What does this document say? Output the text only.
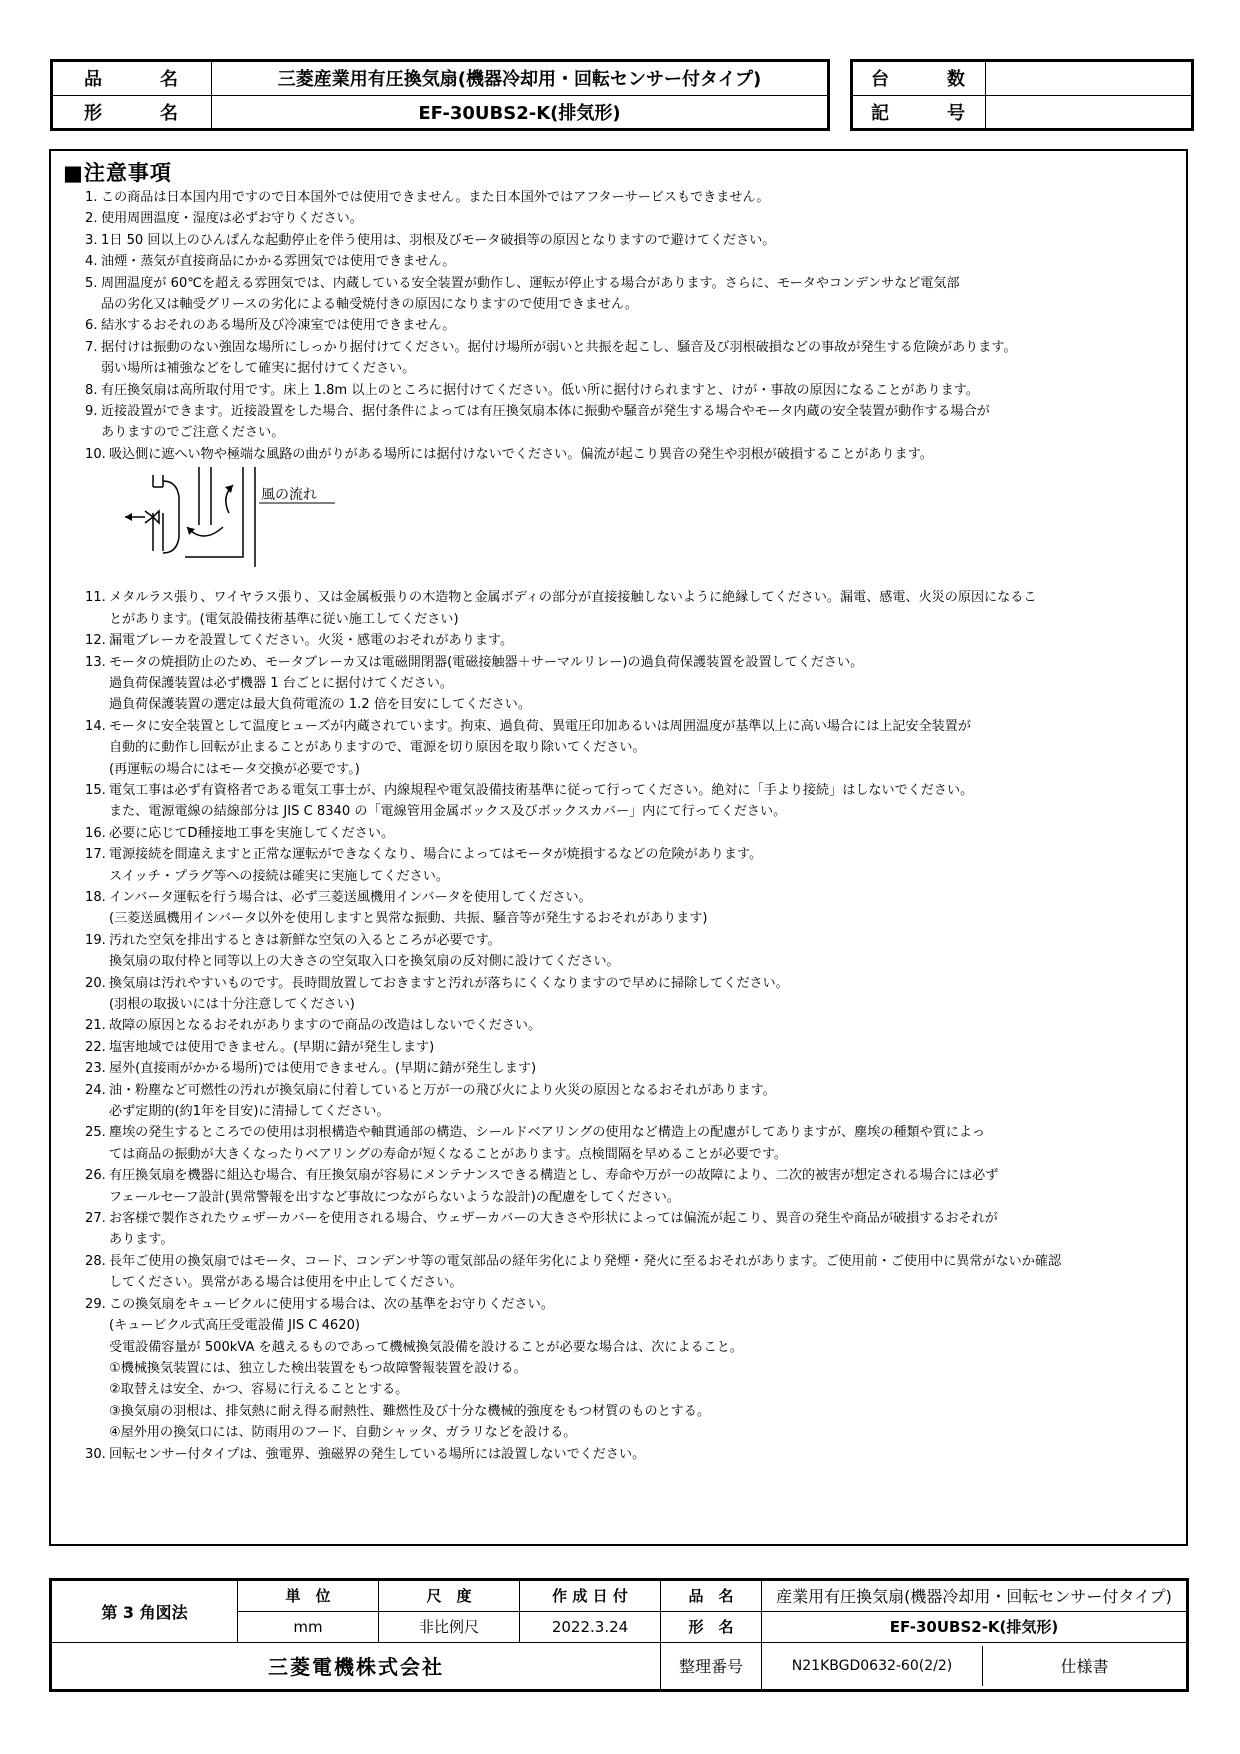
品　名	三菱産業用有圧換気扇(機器冷却用・回転センサー付タイプ)
形　名	EF-30UBS2-K(排気形)
台　数	
記　号	
■注意事項
1. この商品は日本国内用ですので日本国外では使用できません。また日本国外ではアフターサービスもできません。
2. 使用周囲温度・湿度は必ずお守りください。
3. 1日 50 回以上のひんぱんな起動停止を伴う使用は、羽根及びモータ破損等の原因となりますので避けてください。
4. 油煙・蒸気が直接商品にかかる雰囲気では使用できません。
5. 周囲温度が 60℃を超える雰囲気では、内蔵している安全装置が動作し、運転が停止する場合があります。さらに、モータやコンデンサなど電気部
品の劣化又は軸受グリースの劣化による軸受焼付きの原因になりますので使用できません。
6. 結氷するおそれのある場所及び冷凍室では使用できません。
7. 据付けは振動のない強固な場所にしっかり据付けてください。据付け場所が弱いと共振を起こし、騒音及び羽根破損などの事故が発生する危険があります。
弱い場所は補強などをして確実に据付けてください。
8. 有圧換気扇は高所取付用です。床上 1.8m 以上のところに据付けてください。低い所に据付けられますと、けが・事故の原因になることがあります。
9. 近接設置ができます。近接設置をした場合、据付条件によっては有圧換気扇本体に振動や騒音が発生する場合やモータ内蔵の安全装置が動作する場合が
ありますのでご注意ください。
10. 吸込側に遮へい物や極端な風路の曲がりがある場所には据付けないでください。偏流が起こり異音の発生や羽根が破損することがあります。
風の流れ
11. メタルラス張り、ワイヤラス張り、又は金属板張りの木造物と金属ボディの部分が直接接触しないように絶縁してください。漏電、感電、火災の原因になるこ
とがあります。(電気設備技術基準に従い施工してください)
12. 漏電ブレーカを設置してください。火災・感電のおそれがあります。
13. モータの焼損防止のため、モータブレーカ又は電磁開閉器(電磁接触器＋サーマルリレー)の過負荷保護装置を設置してください。
過負荷保護装置は必ず機器 1 台ごとに据付けてください。
過負荷保護装置の選定は最大負荷電流の 1.2 倍を目安にしてください。
14. モータに安全装置として温度ヒューズが内蔵されています。拘束、過負荷、異電圧印加あるいは周囲温度が基準以上に高い場合には上記安全装置が
自動的に動作し回転が止まることがありますので、電源を切り原因を取り除いてください。
(再運転の場合にはモータ交換が必要です。)
15. 電気工事は必ず有資格者である電気工事士が、内線規程や電気設備技術基準に従って行ってください。絶対に「手より接続」はしないでください。
また、電源電線の結線部分は JIS C 8340 の「電線管用金属ボックス及びボックスカバー」内にて行ってください。
16. 必要に応じてD種接地工事を実施してください。
17. 電源接続を間違えますと正常な運転ができなくなり、場合によってはモータが焼損するなどの危険があります。
スイッチ・プラグ等への接続は確実に実施してください。
18. インバータ運転を行う場合は、必ず三菱送風機用インバータを使用してください。
(三菱送風機用インバータ以外を使用しますと異常な振動、共振、騒音等が発生するおそれがあります)
19. 汚れた空気を排出するときは新鮮な空気の入るところが必要です。
換気扇の取付枠と同等以上の大きさの空気取入口を換気扇の反対側に設けてください。
20. 換気扇は汚れやすいものです。長時間放置しておきますと汚れが落ちにくくなりますので早めに掃除してください。
(羽根の取扱いには十分注意してください)
21. 故障の原因となるおそれがありますので商品の改造はしないでください。
22. 塩害地域では使用できません。(早期に錆が発生します)
23. 屋外(直接雨がかかる場所)では使用できません。(早期に錆が発生します)
24. 油・粉塵など可燃性の汚れが換気扇に付着していると万が一の飛び火により火災の原因となるおそれがあります。
必ず定期的(約1年を目安)に清掃してください。
25. 塵埃の発生するところでの使用は羽根構造や軸貫通部の構造、シールドベアリングの使用など構造上の配慮がしてありますが、塵埃の種類や質によっ
ては商品の振動が大きくなったりベアリングの寿命が短くなることがあります。点検間隔を早めることが必要です。
26. 有圧換気扇を機器に組込む場合、有圧換気扇が容易にメンテナンスできる構造とし、寿命や万が一の故障により、二次的被害が想定される場合には必ず
フェールセーフ設計(異常警報を出すなど事故につながらないような設計)の配慮をしてください。
27. お客様で製作されたウェザーカバーを使用される場合、ウェザーカバーの大きさや形状によっては偏流が起こり、異音の発生や商品が破損するおそれが
あります。
28. 長年ご使用の換気扇ではモータ、コード、コンデンサ等の電気部品の経年劣化により発煙・発火に至るおそれがあります。ご使用前・ご使用中に異常がないか確認
してください。異常がある場合は使用を中止してください。
29. この換気扇をキュービクルに使用する場合は、次の基準をお守りください。
(キュービクル式高圧受電設備 JIS C 4620)
受電設備容量が 500kVA を越えるものであって機械換気設備を設けることが必要な場合は、次によること。
①機械換気装置には、独立した検出装置をもつ故障警報装置を設ける。
②取替えは安全、かつ、容易に行えることとする。
③換気扇の羽根は、排気熱に耐え得る耐熱性、難燃性及び十分な機械的強度をもつ材質のものとする。
④屋外用の換気口には、防雨用のフード、自動シャッタ、ガラリなどを設ける。
30. 回転センサー付タイプは、強電界、強磁界の発生している場所には設置しないでください。
第 3 角図法	単　位	尺　度	作 成 日 付	品　名	産業用有圧換気扇(機器冷却用・回転センサー付タイプ)
	mm	非比例尺	2022.3.24	形　名	EF-30UBS2-K(排気形)
三菱電機株式会社				整理番号	N21KBGD0632-60(2/2) 仕様書
